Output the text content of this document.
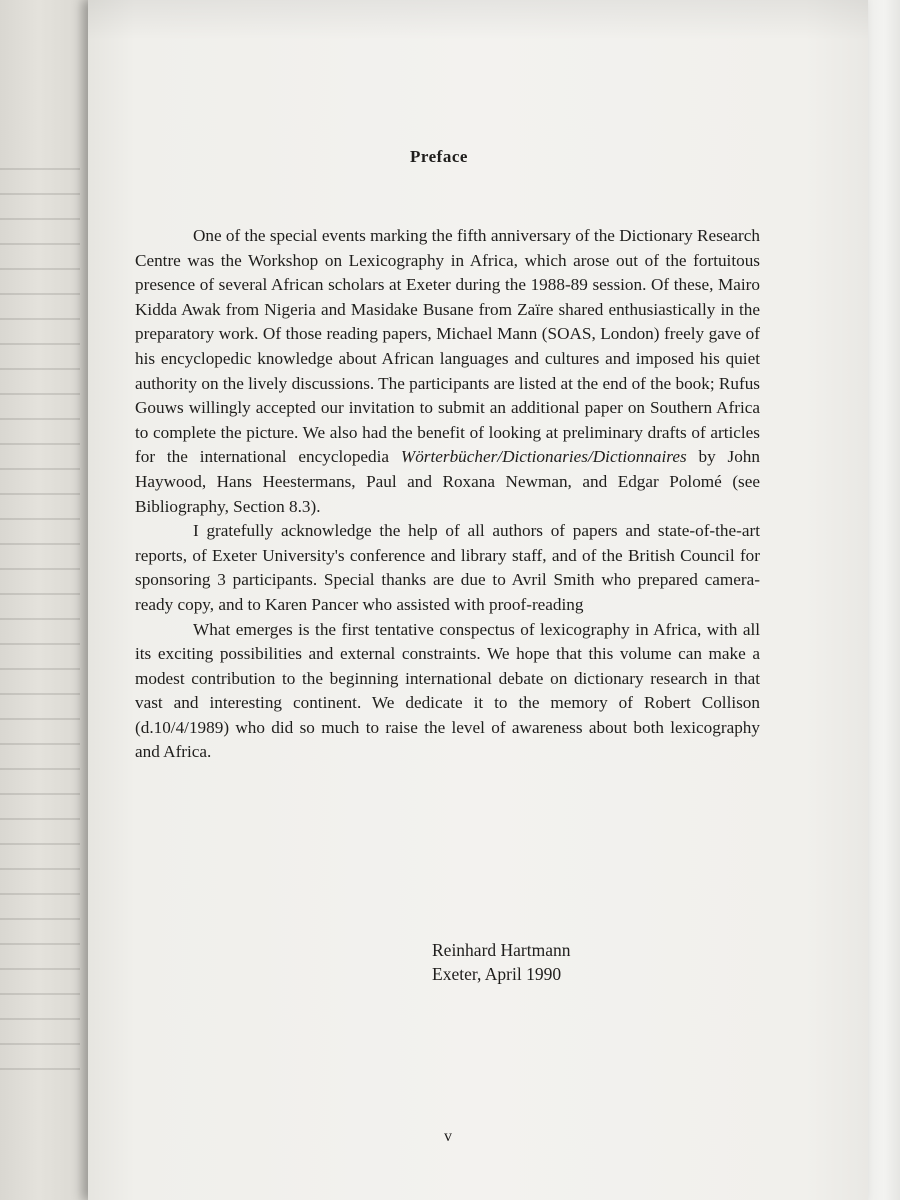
Preface

One of the special events marking the fifth anniversary of the Dictionary Research Centre was the Workshop on Lexicography in Africa, which arose out of the fortuitous presence of several African scholars at Exeter during the 1988-89 session. Of these, Mairo Kidda Awak from Nigeria and Masidake Busane from Zaïre shared enthusiastically in the preparatory work. Of those reading papers, Michael Mann (SOAS, London) freely gave of his encyclopedic knowledge about African languages and cultures and imposed his quiet authority on the lively discussions. The participants are listed at the end of the book; Rufus Gouws willingly accepted our invitation to submit an additional paper on Southern Africa to complete the picture. We also had the benefit of looking at preliminary drafts of articles for the international encyclopedia Wörterbücher/Dictionaries/Dictionnaires by John Haywood, Hans Heestermans, Paul and Roxana Newman, and Edgar Polomé (see Bibliography, Section 8.3).

I gratefully acknowledge the help of all authors of papers and state-of-the-art reports, of Exeter University's conference and library staff, and of the British Council for sponsoring 3 participants. Special thanks are due to Avril Smith who prepared camera-ready copy, and to Karen Pancer who assisted with proof-reading

What emerges is the first tentative conspectus of lexicography in Africa, with all its exciting possibilities and external constraints. We hope that this volume can make a modest contribution to the beginning international debate on dictionary research in that vast and interesting continent. We dedicate it to the memory of Robert Collison (d.10/4/1989) who did so much to raise the level of awareness about both lexicography and Africa.

Reinhard Hartmann
Exeter, April 1990
v
